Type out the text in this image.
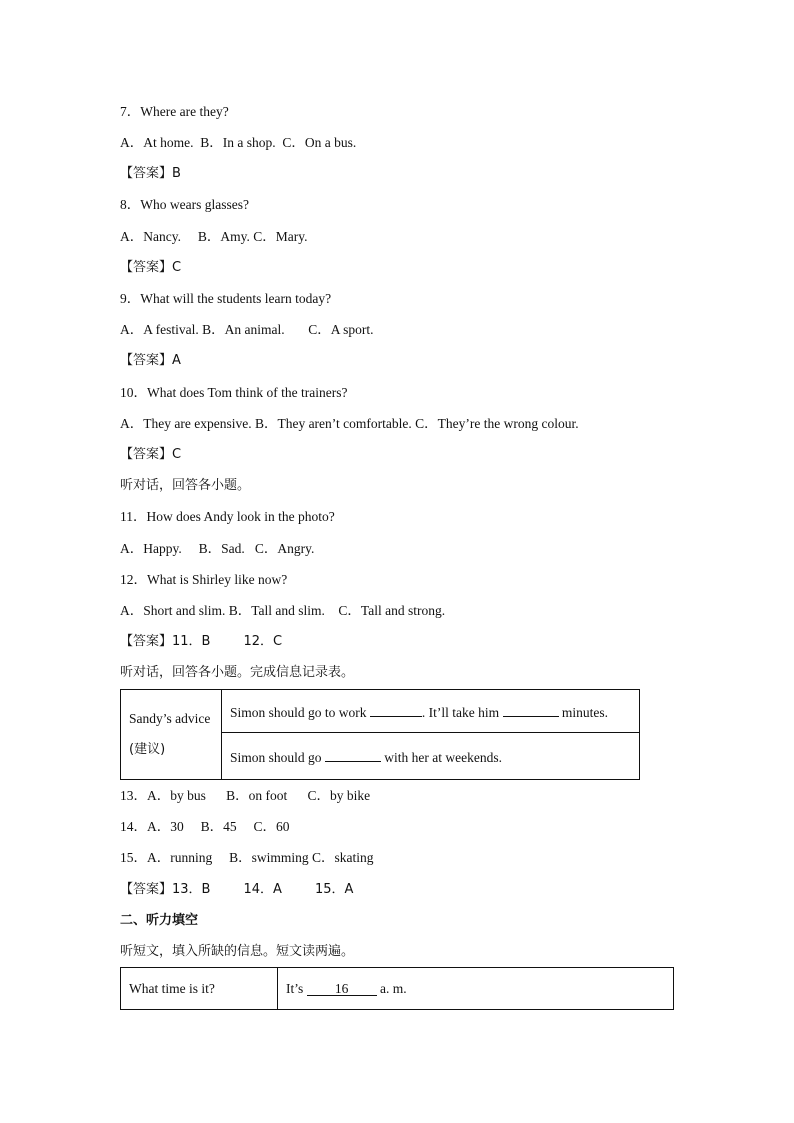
7．Where are they?
A．At home.  B．In a shop.  C．On a bus.
【答案】B
8．Who wears glasses?
A．Nancy.     B．Amy. C．Mary.
【答案】C
9．What will the students learn today?
A．A festival. B．An animal.       C．A sport.
【答案】A
10．What does Tom think of the trainers?
A．They are expensive. B．They aren’t comfortable. C．They’re the wrong colour.
【答案】C
听对话，回答各小题。
11．How does Andy look in the photo?
A．Happy.     B．Sad.   C．Angry.
12．What is Shirley like now?
A．Short and slim. B．Tall and slim.    C．Tall and strong.
【答案】11．B        12．C
听对话，回答各小题。完成信息记录表。
Sandy’s advice
(建议)	Simon should go to work	. It’ll take him	minutes.
Simon should go	with her at weekends.
13．A．by bus      B．on foot      C．by bike
14．A．30     B．45     C．60
15．A．running     B．swimming C．skating
【答案】13．B        14．A        15．A
二、听力填空
听短文，填入所缺的信息。短文读两遍。
What time is it?	It’s 16 a. m.
